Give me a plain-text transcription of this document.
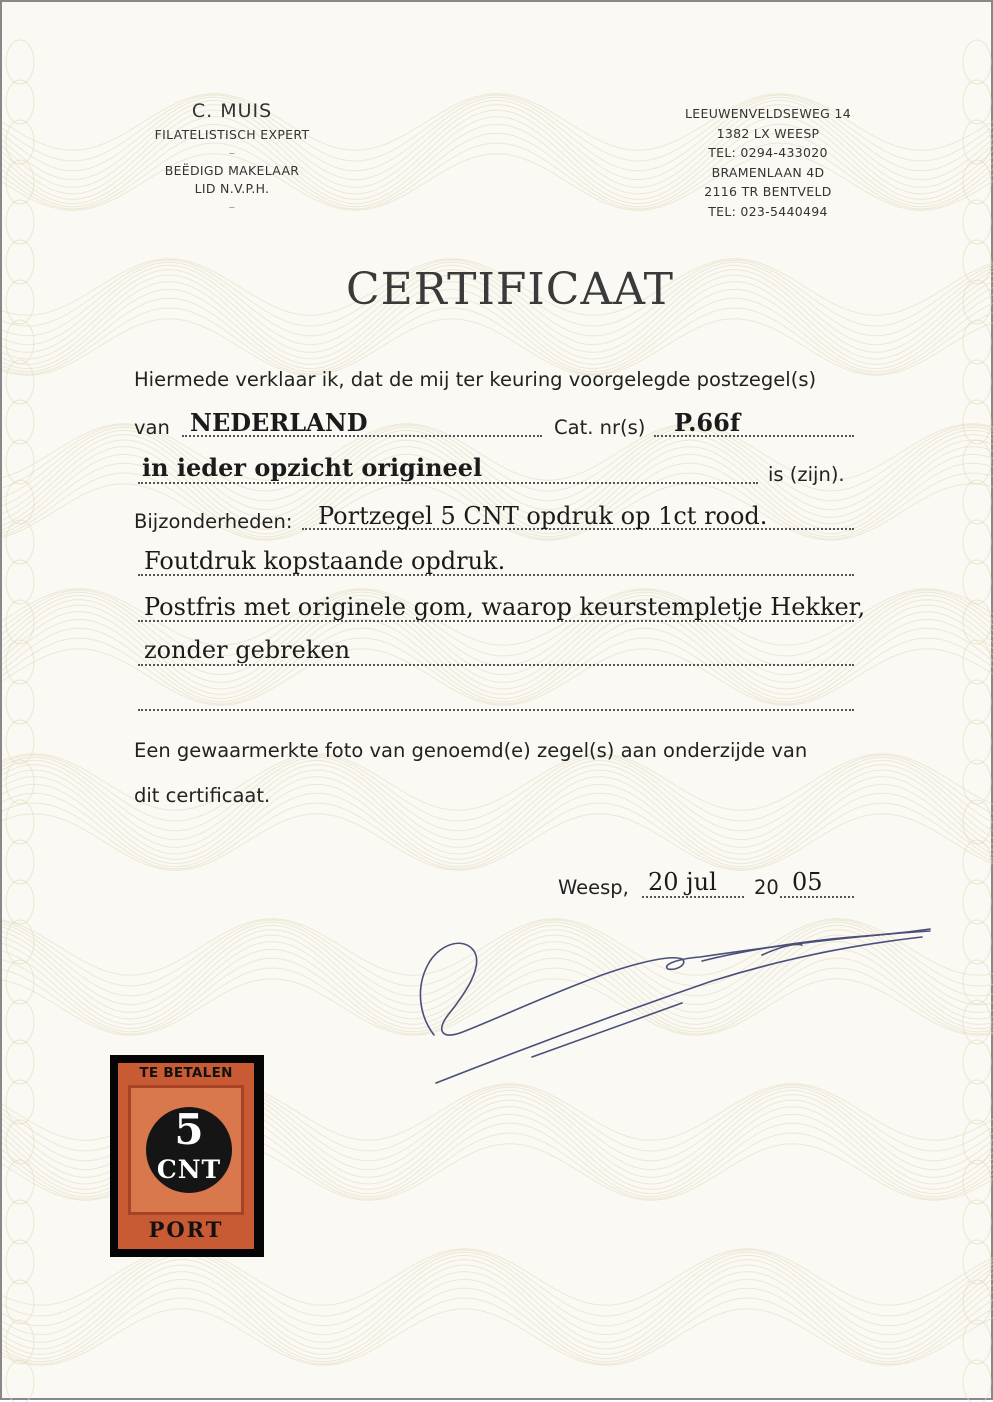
C. MUIS
FILATELISTISCH EXPERT
–
BEËDIGD MAKELAAR
LID N.V.P.H.
–
LEEUWENVELDSEWEG 14
1382 LX WEESP
TEL: 0294-433020
BRAMENLAAN 4D
2116 TR BENTVELD
TEL: 023-5440494
CERTIFICAAT
Hiermede verklaar ik, dat de mij ter keuring voorgelegde postzegel(s)
van NEDERLAND	Cat. nr(s) P.66f
in ieder opzicht origineel	is (zijn).
Bijzonderheden: Portzegel 5 CNT opdruk op 1ct rood.
Foutdruk kopstaande opdruk.
Postfris met originele gom, waarop keurstempletje Hekker,
zonder gebreken
Een gewaarmerkte foto van genoemd(e) zegel(s) aan onderzijde van
dit certificaat.
Weesp, 20 jul 20 05
TE BETALEN
5
CNT
PORT
